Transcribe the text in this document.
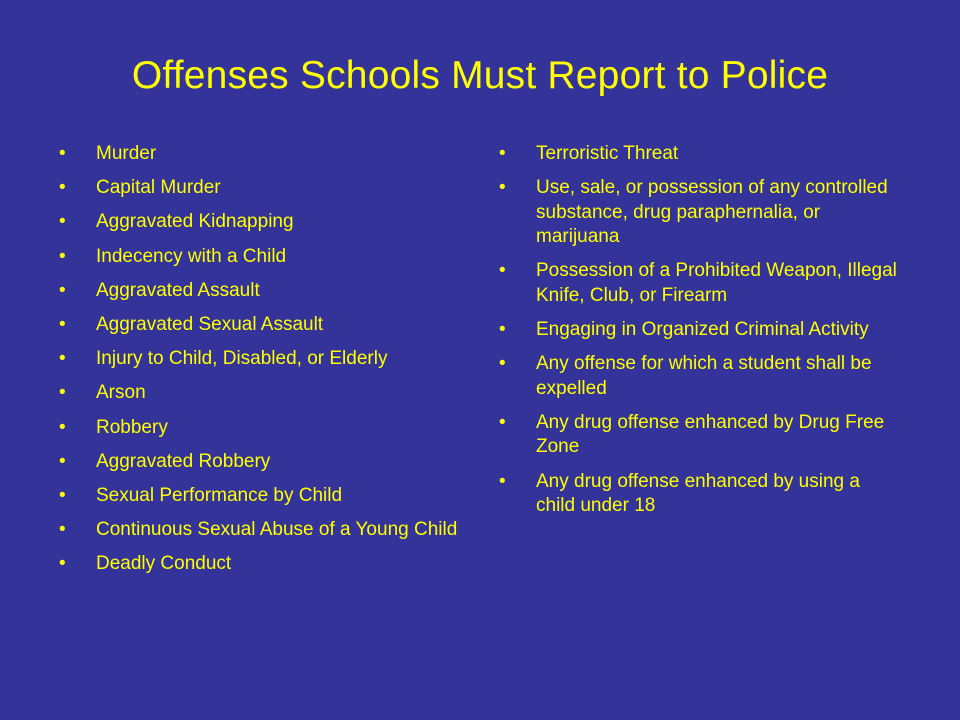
Offenses Schools Must Report to Police
• Murder
• Capital Murder
• Aggravated Kidnapping
• Indecency with a Child
• Aggravated Assault
• Aggravated Sexual Assault
• Injury to Child, Disabled, or Elderly
• Arson
• Robbery
• Aggravated Robbery
• Sexual Performance by Child
• Continuous Sexual Abuse of a Young Child
• Deadly Conduct
• Terroristic Threat
• Use, sale, or possession of any controlled substance, drug paraphernalia, or marijuana
• Possession of a Prohibited Weapon, Illegal Knife, Club, or Firearm
• Engaging in Organized Criminal Activity
• Any offense for which a student shall be expelled
• Any drug offense enhanced by Drug Free Zone
• Any drug offense enhanced by using a child under 18
